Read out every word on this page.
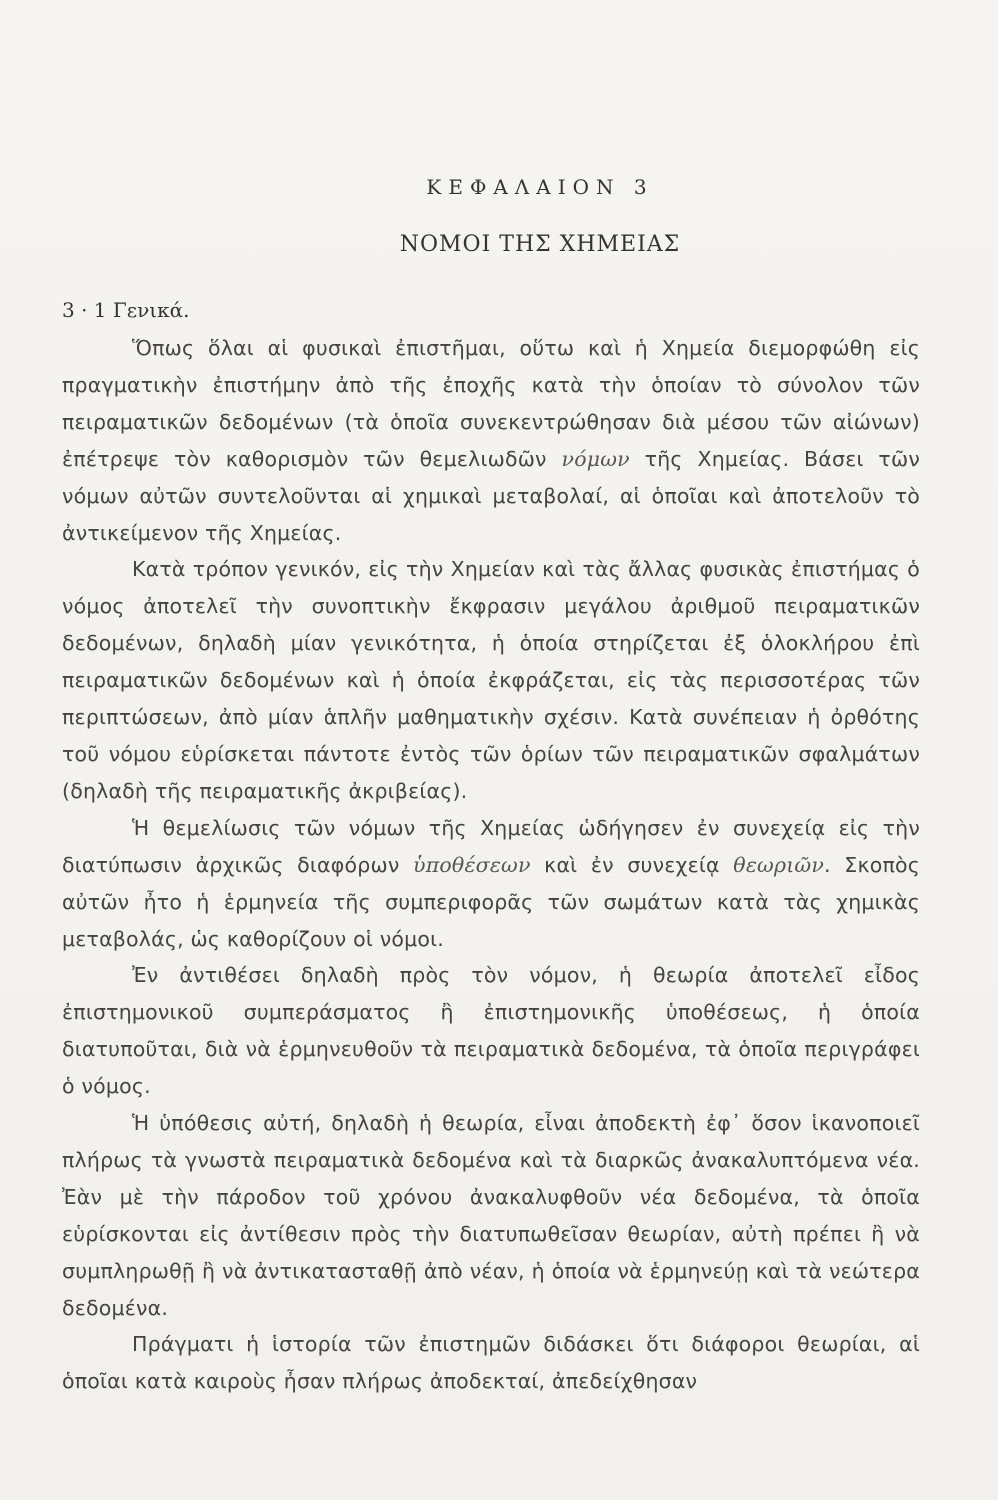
ΚΕΦΑΛΑΙΟΝ 3
ΝΟΜΟΙ ΤΗΣ ΧΗΜΕΙΑΣ
3 · 1 Γενικά.

Ὅπως ὅλαι αἱ φυσικαὶ ἐπιστῆμαι, οὕτω καὶ ἡ Χημεία διεμορφώθη εἰς πραγματικὴν ἐπιστήμην ἀπὸ τῆς ἐποχῆς κατὰ τὴν ὁποίαν τὸ σύνολον τῶν πειραματικῶν δεδομένων (τὰ ὁποῖα συνεκεντρώθησαν διὰ μέσου τῶν αἰώνων) ἐπέτρεψε τὸν καθορισμὸν τῶν θεμελιωδῶν νόμων τῆς Χημείας. Βάσει τῶν νόμων αὐτῶν συντελοῦνται αἱ χημικαὶ μεταβολαί, αἱ ὁποῖαι καὶ ἀποτελοῦν τὸ ἀντικείμενον τῆς Χημείας.

Κατὰ τρόπον γενικόν, εἰς τὴν Χημείαν καὶ τὰς ἄλλας φυσικὰς ἐπιστήμας ὁ νόμος ἀποτελεῖ τὴν συνοπτικὴν ἔκφρασιν μεγάλου ἀριθμοῦ πειραματικῶν δεδομένων, δηλαδὴ μίαν γενικότητα, ἡ ὁποία στηρίζεται ἐξ ὁλοκλήρου ἐπὶ πειραματικῶν δεδομένων καὶ ἡ ὁποία ἐκφράζεται, εἰς τὰς περισσοτέρας τῶν περιπτώσεων, ἀπὸ μίαν ἁπλῆν μαθηματικὴν σχέσιν. Κατὰ συνέπειαν ἡ ὀρθότης τοῦ νόμου εὑρίσκεται πάντοτε ἐντὸς τῶν ὁρίων τῶν πειραματικῶν σφαλμάτων (δηλαδὴ τῆς πειραματικῆς ἀκριβείας).

Ἡ θεμελίωσις τῶν νόμων τῆς Χημείας ὡδήγησεν ἐν συνεχείᾳ εἰς τὴν διατύπωσιν ἀρχικῶς διαφόρων ὑποθέσεων καὶ ἐν συνεχείᾳ θεωριῶν. Σκοπὸς αὐτῶν ἦτο ἡ ἑρμηνεία τῆς συμπεριφορᾶς τῶν σωμάτων κατὰ τὰς χημικὰς μεταβολάς, ὡς καθορίζουν οἱ νόμοι.

Ἐν ἀντιθέσει δηλαδὴ πρὸς τὸν νόμον, ἡ θεωρία ἀποτελεῖ εἶδος ἐπιστημονικοῦ συμπεράσματος ἢ ἐπιστημονικῆς ὑποθέσεως, ἡ ὁποία διατυποῦται, διὰ νὰ ἑρμηνευθοῦν τὰ πειραματικὰ δεδομένα, τὰ ὁποῖα περιγράφει ὁ νόμος.

Ἡ ὑπόθεσις αὐτή, δηλαδὴ ἡ θεωρία, εἶναι ἀποδεκτὴ ἐφ᾽ ὅσον ἱκανοποιεῖ πλήρως τὰ γνωστὰ πειραματικὰ δεδομένα καὶ τὰ διαρκῶς ἀνακαλυπτόμενα νέα. Ἐὰν μὲ τὴν πάροδον τοῦ χρόνου ἀνακαλυφθοῦν νέα δεδομένα, τὰ ὁποῖα εὑρίσκονται εἰς ἀντίθεσιν πρὸς τὴν διατυπωθεῖσαν θεωρίαν, αὐτὴ πρέπει ἢ νὰ συμπληρωθῇ ἢ νὰ ἀντικατασταθῇ ἀπὸ νέαν, ἡ ὁποία νὰ ἑρμηνεύῃ καὶ τὰ νεώτερα δεδομένα.

Πράγματι ἡ ἱστορία τῶν ἐπιστημῶν διδάσκει ὅτι διάφοροι θεωρίαι, αἱ ὁποῖαι κατὰ καιροὺς ἦσαν πλήρως ἀποδεκταί, ἀπεδείχθησαν
